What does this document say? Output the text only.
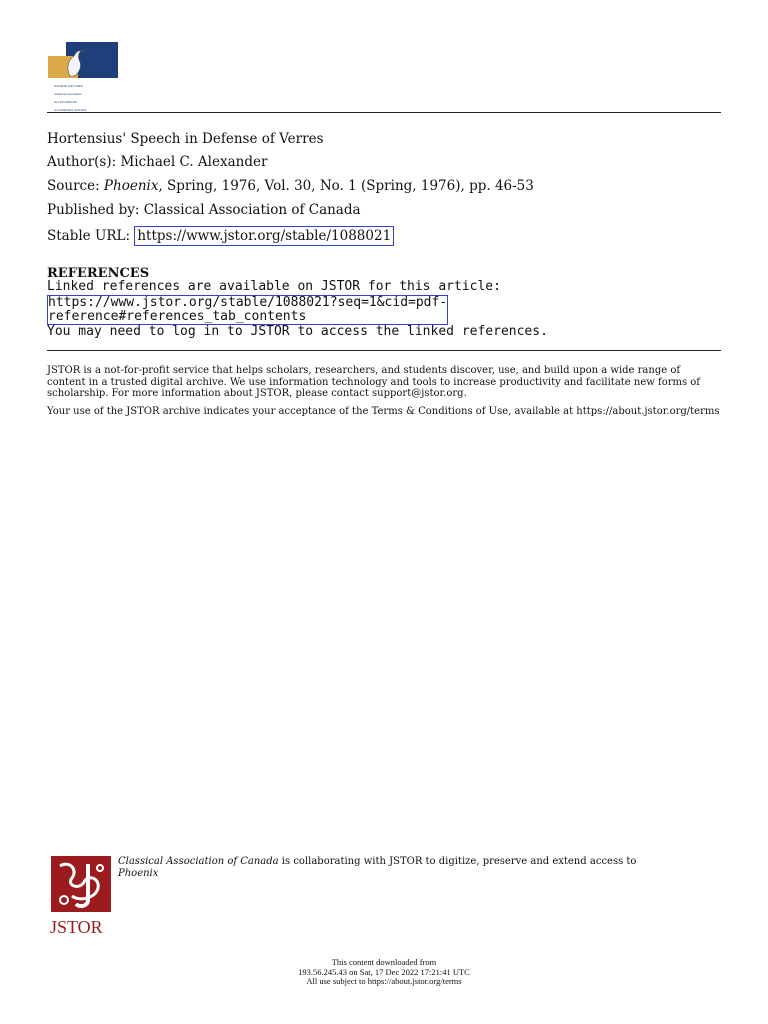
SOCIETE D'ETUDES

Classical Association

des ETUDES DE

CLASSIQUES CANADA

Hortensius' Speech in Defense of Verres
Author(s): Michael C. Alexander
Source: Phoenix, Spring, 1976, Vol. 30, No. 1 (Spring, 1976), pp. 46-53
Published by: Classical Association of Canada
Stable URL: https://www.jstor.org/stable/1088021
REFERENCES
Linked references are available on JSTOR for this article:
https://www.jstor.org/stable/1088021?seq=1&cid=pdf-
reference#references_tab_contents
You may need to log in to JSTOR to access the linked references.
JSTOR is a not-for-profit service that helps scholars, researchers, and students discover, use, and build upon a wide range of content in a trusted digital archive. We use information technology and tools to increase productivity and facilitate new forms of scholarship. For more information about JSTOR, please contact support@jstor.org.
Your use of the JSTOR archive indicates your acceptance of the Terms & Conditions of Use, available at https://about.jstor.org/terms
JSTOR
Classical Association of Canada is collaborating with JSTOR to digitize, preserve and extend access to Phoenix
This content downloaded from
193.56.245.43 on Sat, 17 Dec 2022 17:21:41 UTC
All use subject to https://about.jstor.org/terms
